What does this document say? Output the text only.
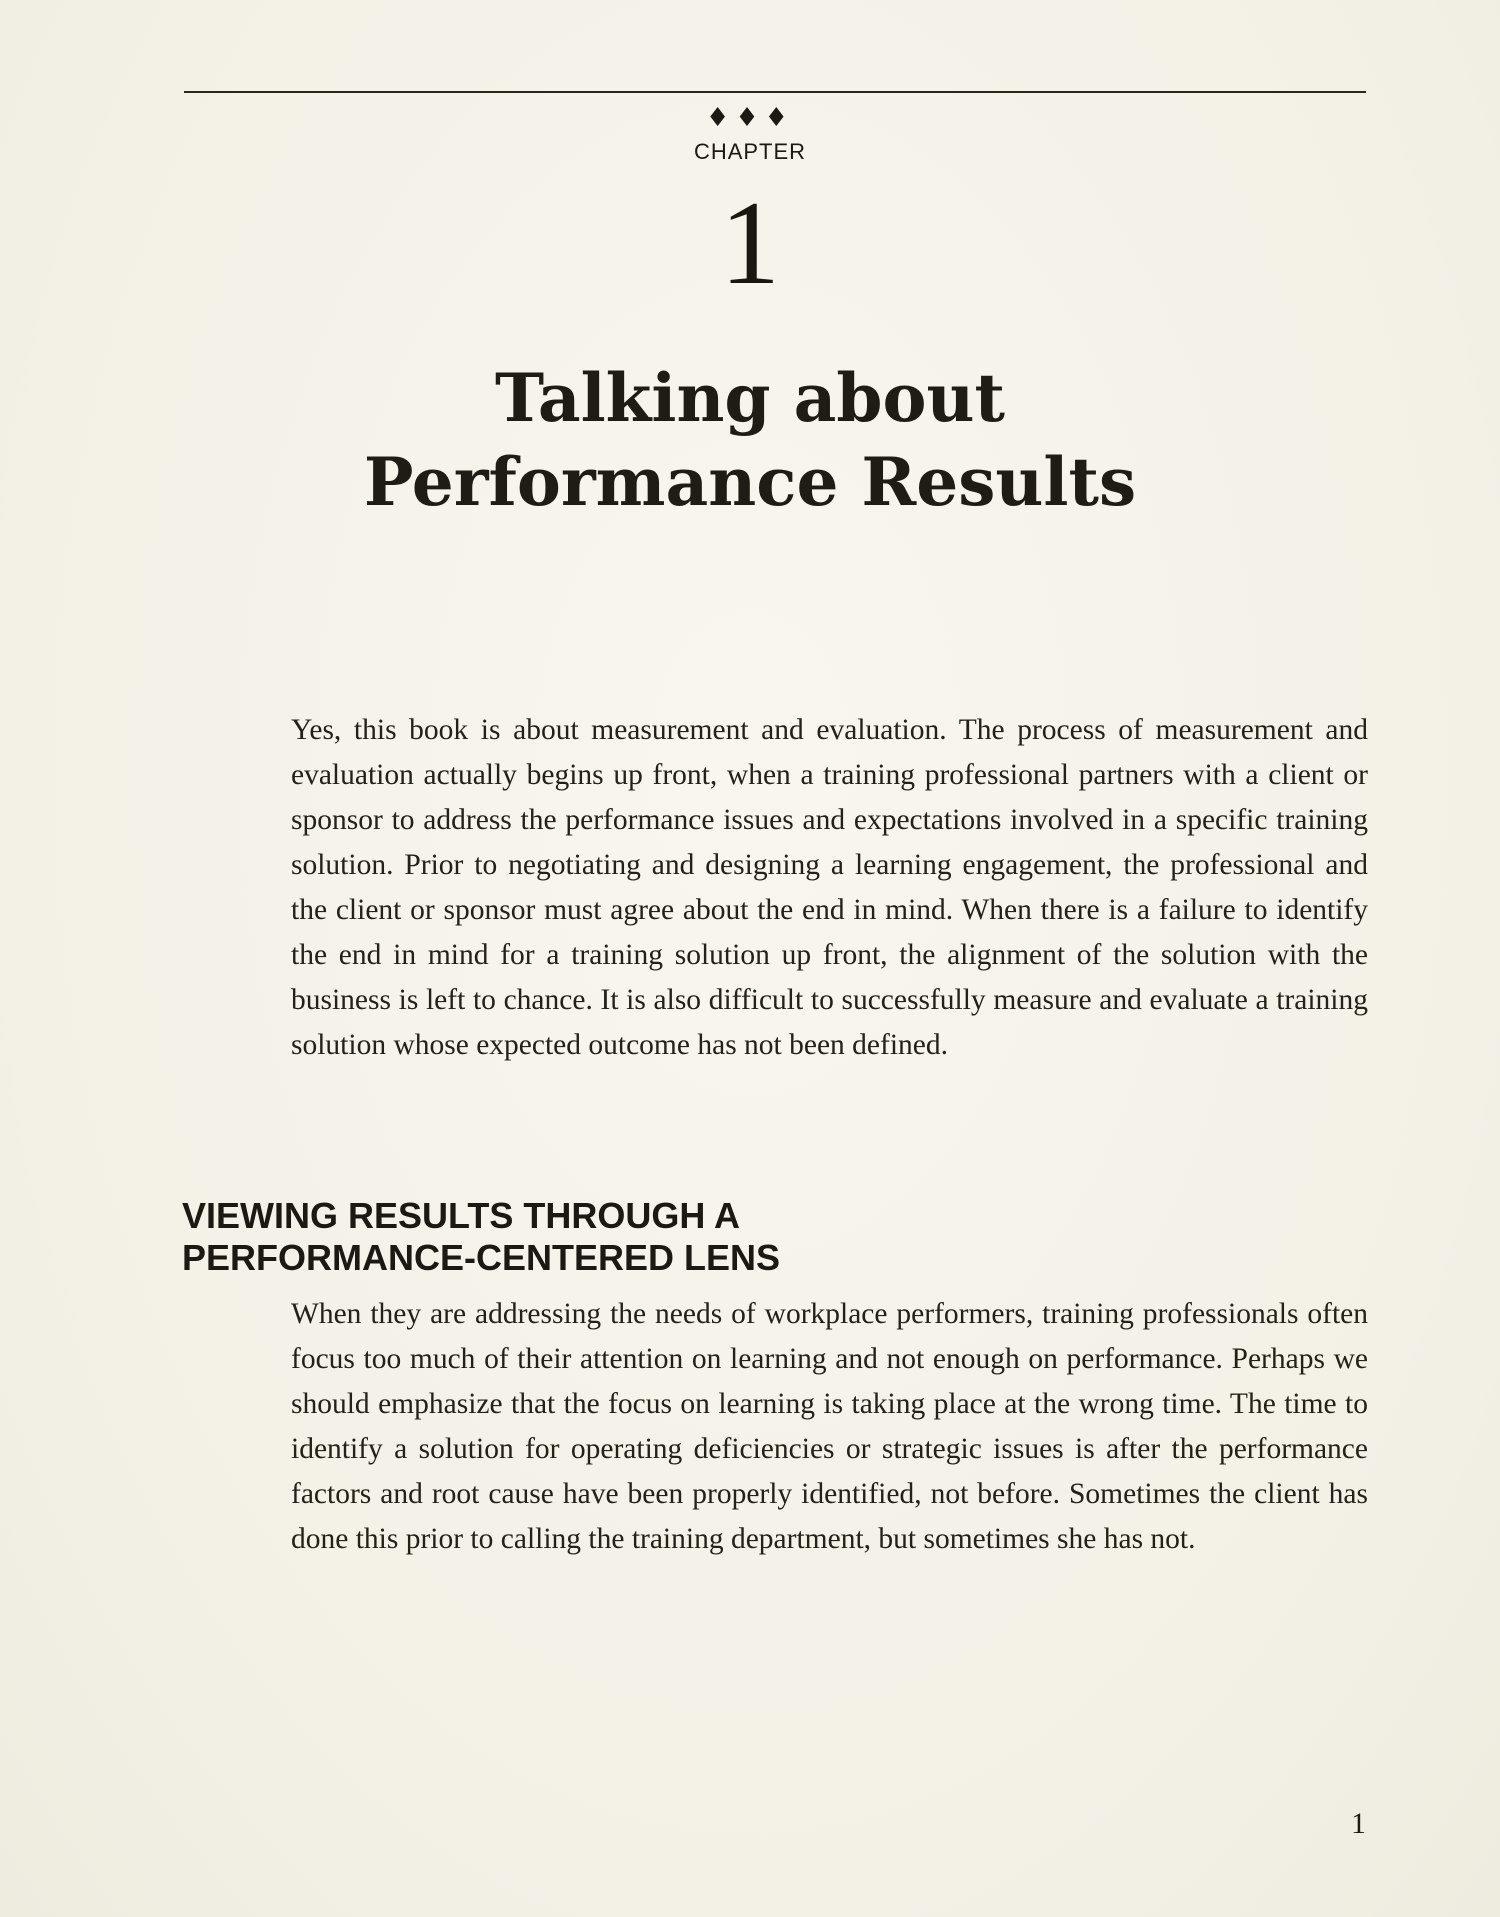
♦♦♦
CHAPTER
1
Talking about
Performance Results

Yes, this book is about measurement and evaluation. The process of measurement and evaluation actually begins up front, when a training professional partners with a client or sponsor to address the performance issues and expectations involved in a specific training solution. Prior to negotiating and designing a learning engagement, the professional and the client or sponsor must agree about the end in mind. When there is a failure to identify the end in mind for a training solution up front, the alignment of the solution with the business is left to chance. It is also difficult to successfully measure and evaluate a training solution whose expected outcome has not been defined.

VIEWING RESULTS THROUGH A
PERFORMANCE-CENTERED LENS

When they are addressing the needs of workplace performers, training professionals often focus too much of their attention on learning and not enough on performance. Perhaps we should emphasize that the focus on learning is taking place at the wrong time. The time to identify a solution for operating deficiencies or strategic issues is after the performance factors and root cause have been properly identified, not before. Sometimes the client has done this prior to calling the training department, but sometimes she has not.

1
